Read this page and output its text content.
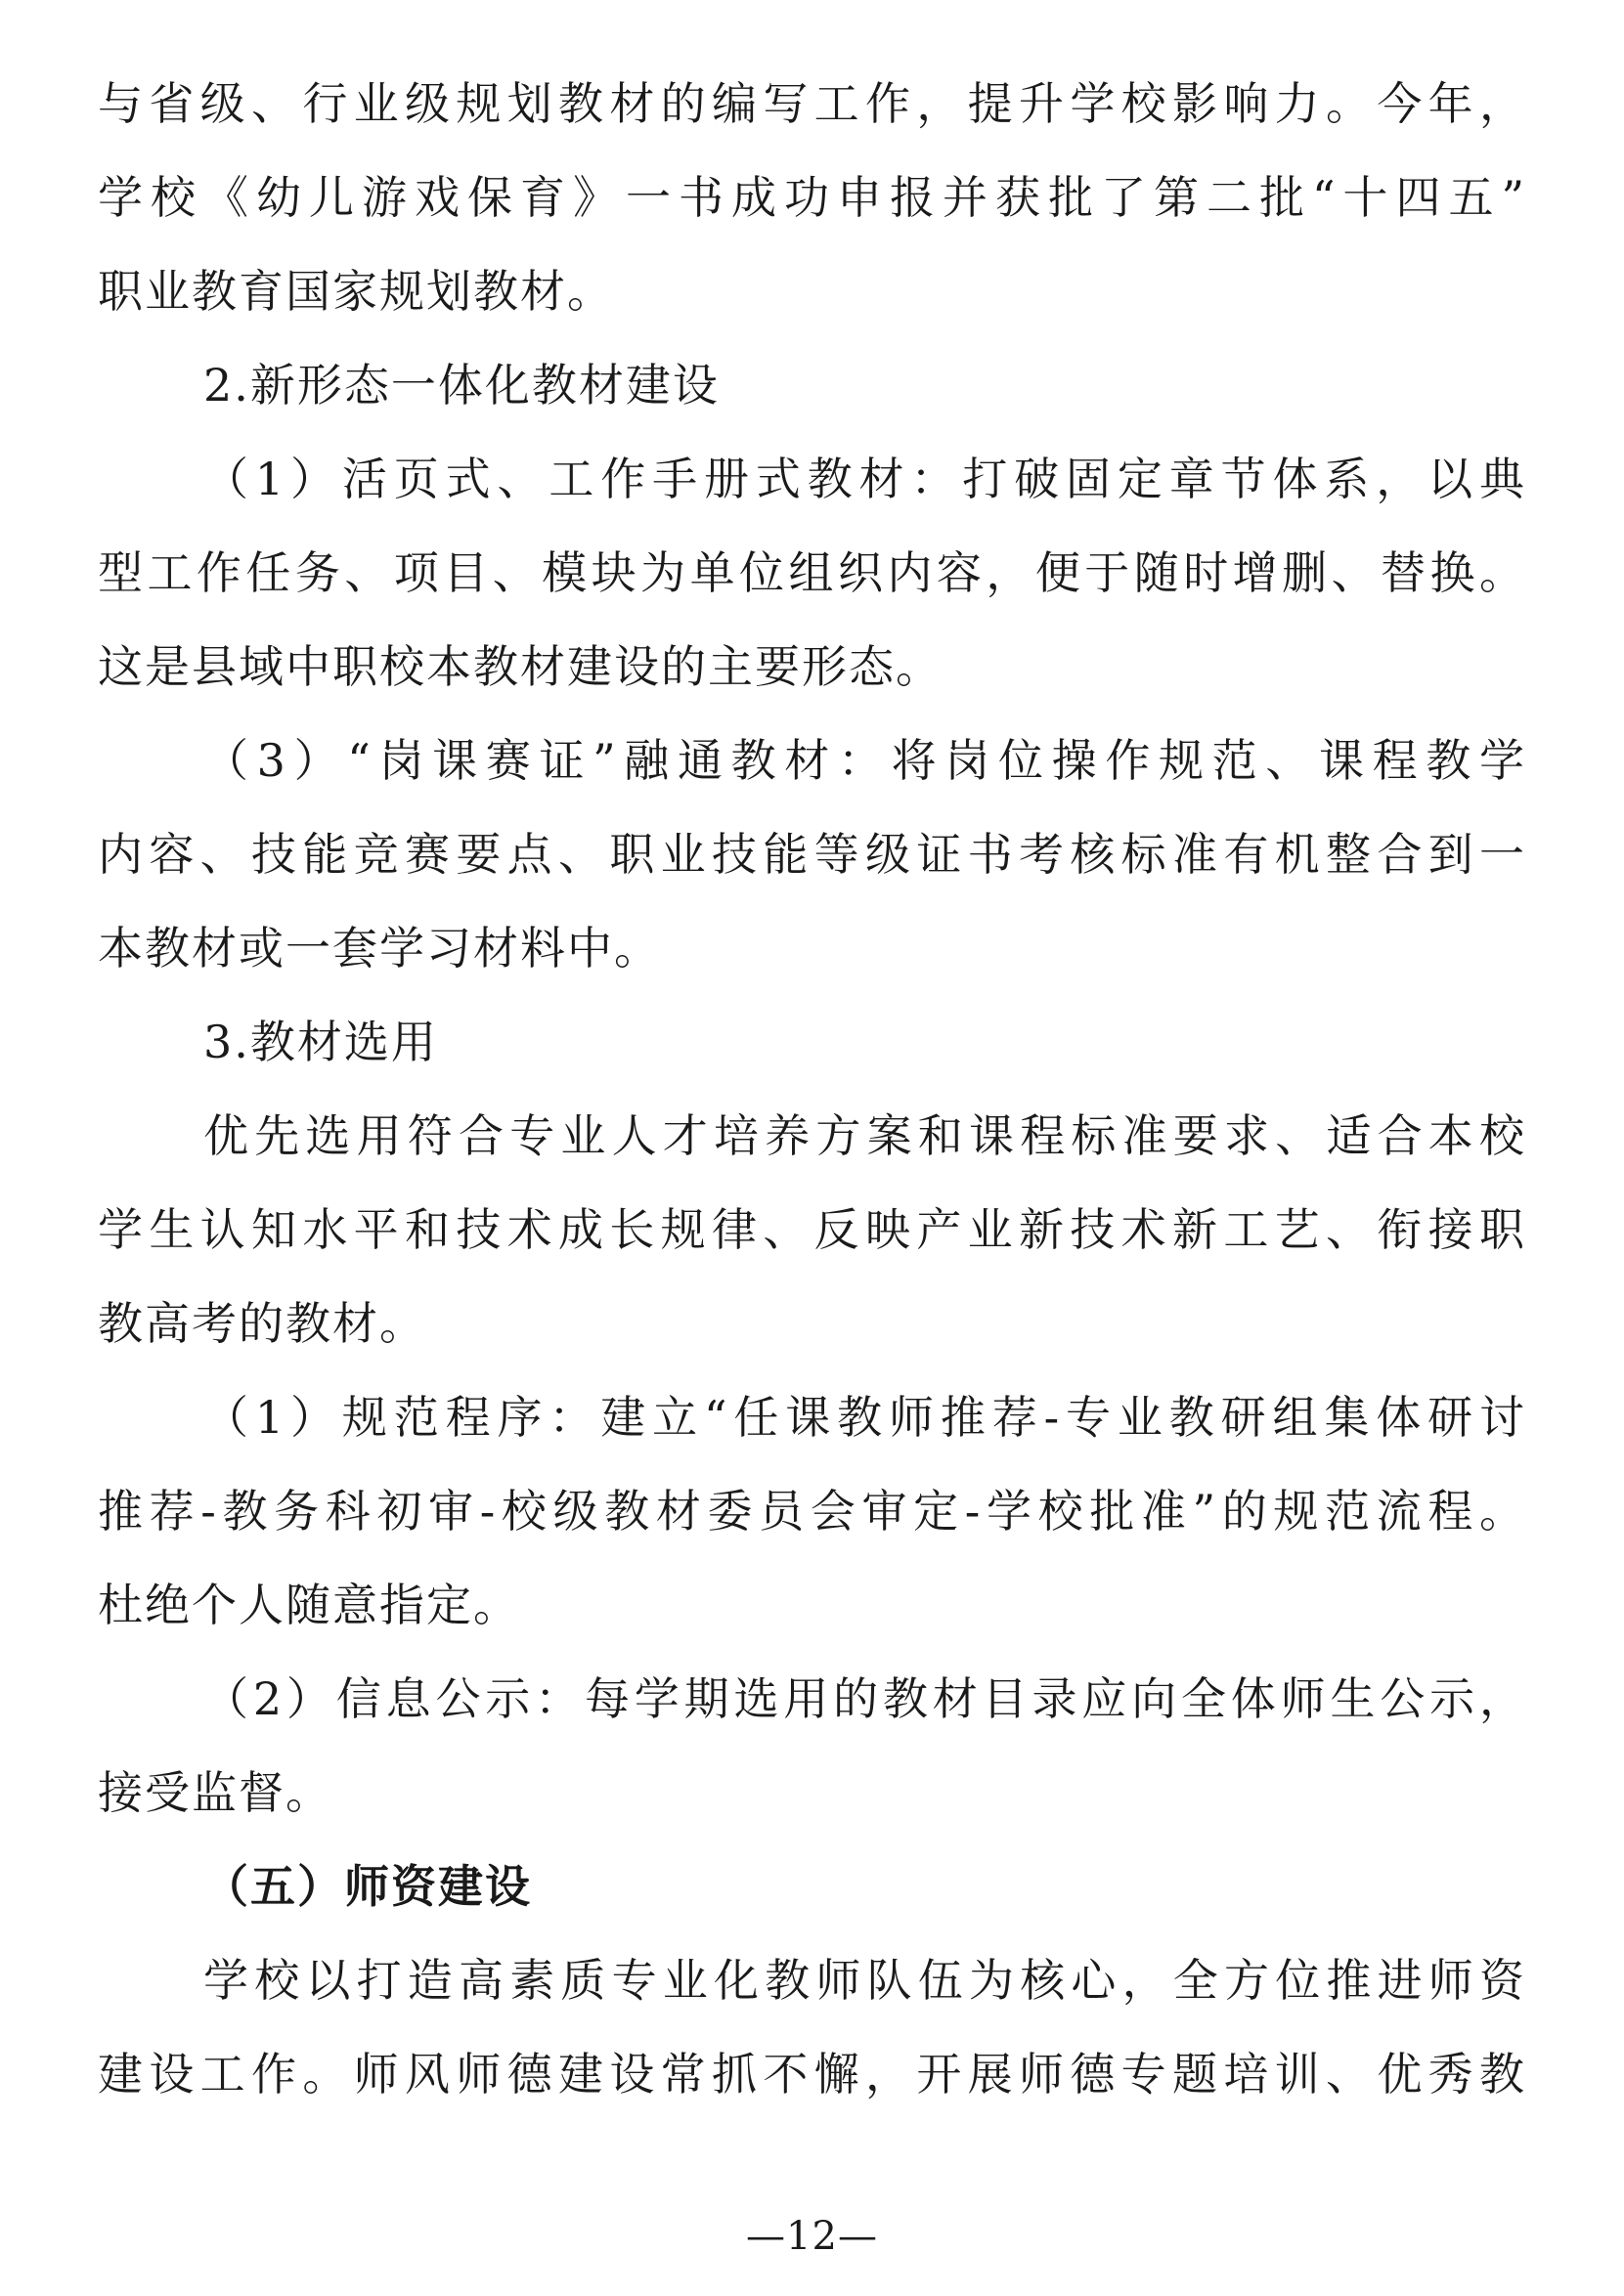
与省级、行业级规划教材的编写工作，提升学校影响力。今年，
学校《幼儿游戏保育》一书成功申报并获批了第二批“十四五”
职业教育国家规划教材。
2.新形态一体化教材建设
（1）活页式、工作手册式教材：打破固定章节体系，以典
型工作任务、项目、模块为单位组织内容，便于随时增删、替换。
这是县域中职校本教材建设的主要形态。
（3）“岗课赛证”融通教材：将岗位操作规范、课程教学
内容、技能竞赛要点、职业技能等级证书考核标准有机整合到一
本教材或一套学习材料中。
3.教材选用
优先选用符合专业人才培养方案和课程标准要求、适合本校
学生认知水平和技术成长规律、反映产业新技术新工艺、衔接职
教高考的教材。
（1）规范程序：建立“任课教师推荐-专业教研组集体研讨
推荐-教务科初审-校级教材委员会审定-学校批准”的规范流程。
杜绝个人随意指定。
（2）信息公示：每学期选用的教材目录应向全体师生公示，
接受监督。
（五）师资建设
学校以打造高素质专业化教师队伍为核心，全方位推进师资
建设工作。师风师德建设常抓不懈，开展师德专题培训、优秀教
—12—
